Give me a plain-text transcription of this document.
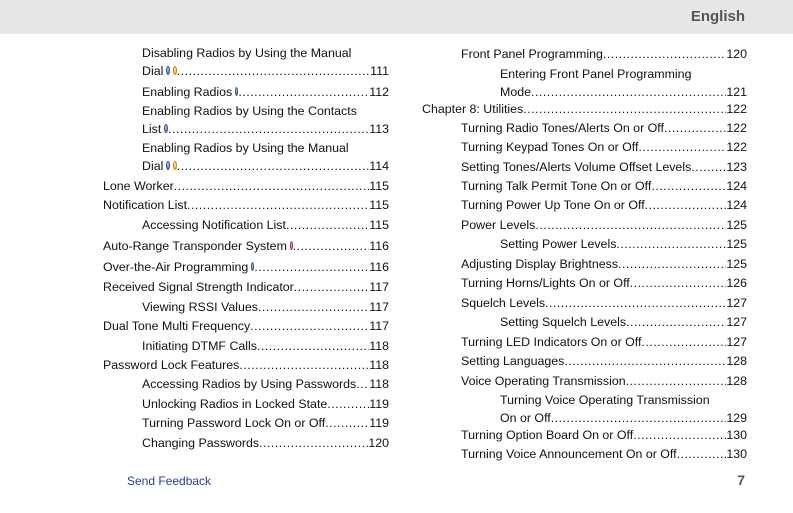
English
Disabling Radios by Using the Manual
Dial .....	111
Enabling Radios .....	112
Enabling Radios by Using the Contacts
List .....	113
Enabling Radios by Using the Manual
Dial .....	114
Lone Worker .....	115
Notification List .....	115
Accessing Notification List .....	115
Auto-Range Transponder System .....	116
Over-the-Air Programming .....	116
Received Signal Strength Indicator .....	117
Viewing RSSI Values .....	117
Dual Tone Multi Frequency .....	117
Initiating DTMF Calls .....	118
Password Lock Features .....	118
Accessing Radios by Using Passwords ..... 118
Unlocking Radios in Locked State .....	119
Turning Password Lock On or Off .....	119
Changing Passwords .....	120
Front Panel Programming .....	120
Entering Front Panel Programming
Mode .....	121
Chapter 8: Utilities .....	122
Turning Radio Tones/Alerts On or Off .....	122
Turning Keypad Tones On or Off .....	122
Setting Tones/Alerts Volume Offset Levels .....	123
Turning Talk Permit Tone On or Off .....	124
Turning Power Up Tone On or Off .....	124
Power Levels .....	125
Setting Power Levels .....	125
Adjusting Display Brightness .....	125
Turning Horns/Lights On or Off .....	126
Squelch Levels .....	127
Setting Squelch Levels .....	127
Turning LED Indicators On or Off .....	127
Setting Languages .....	128
Voice Operating Transmission .....	128
Turning Voice Operating Transmission
On or Off .....	129
Turning Option Board On or Off .....	130
Turning Voice Announcement On or Off .....	130
Send Feedback	7
